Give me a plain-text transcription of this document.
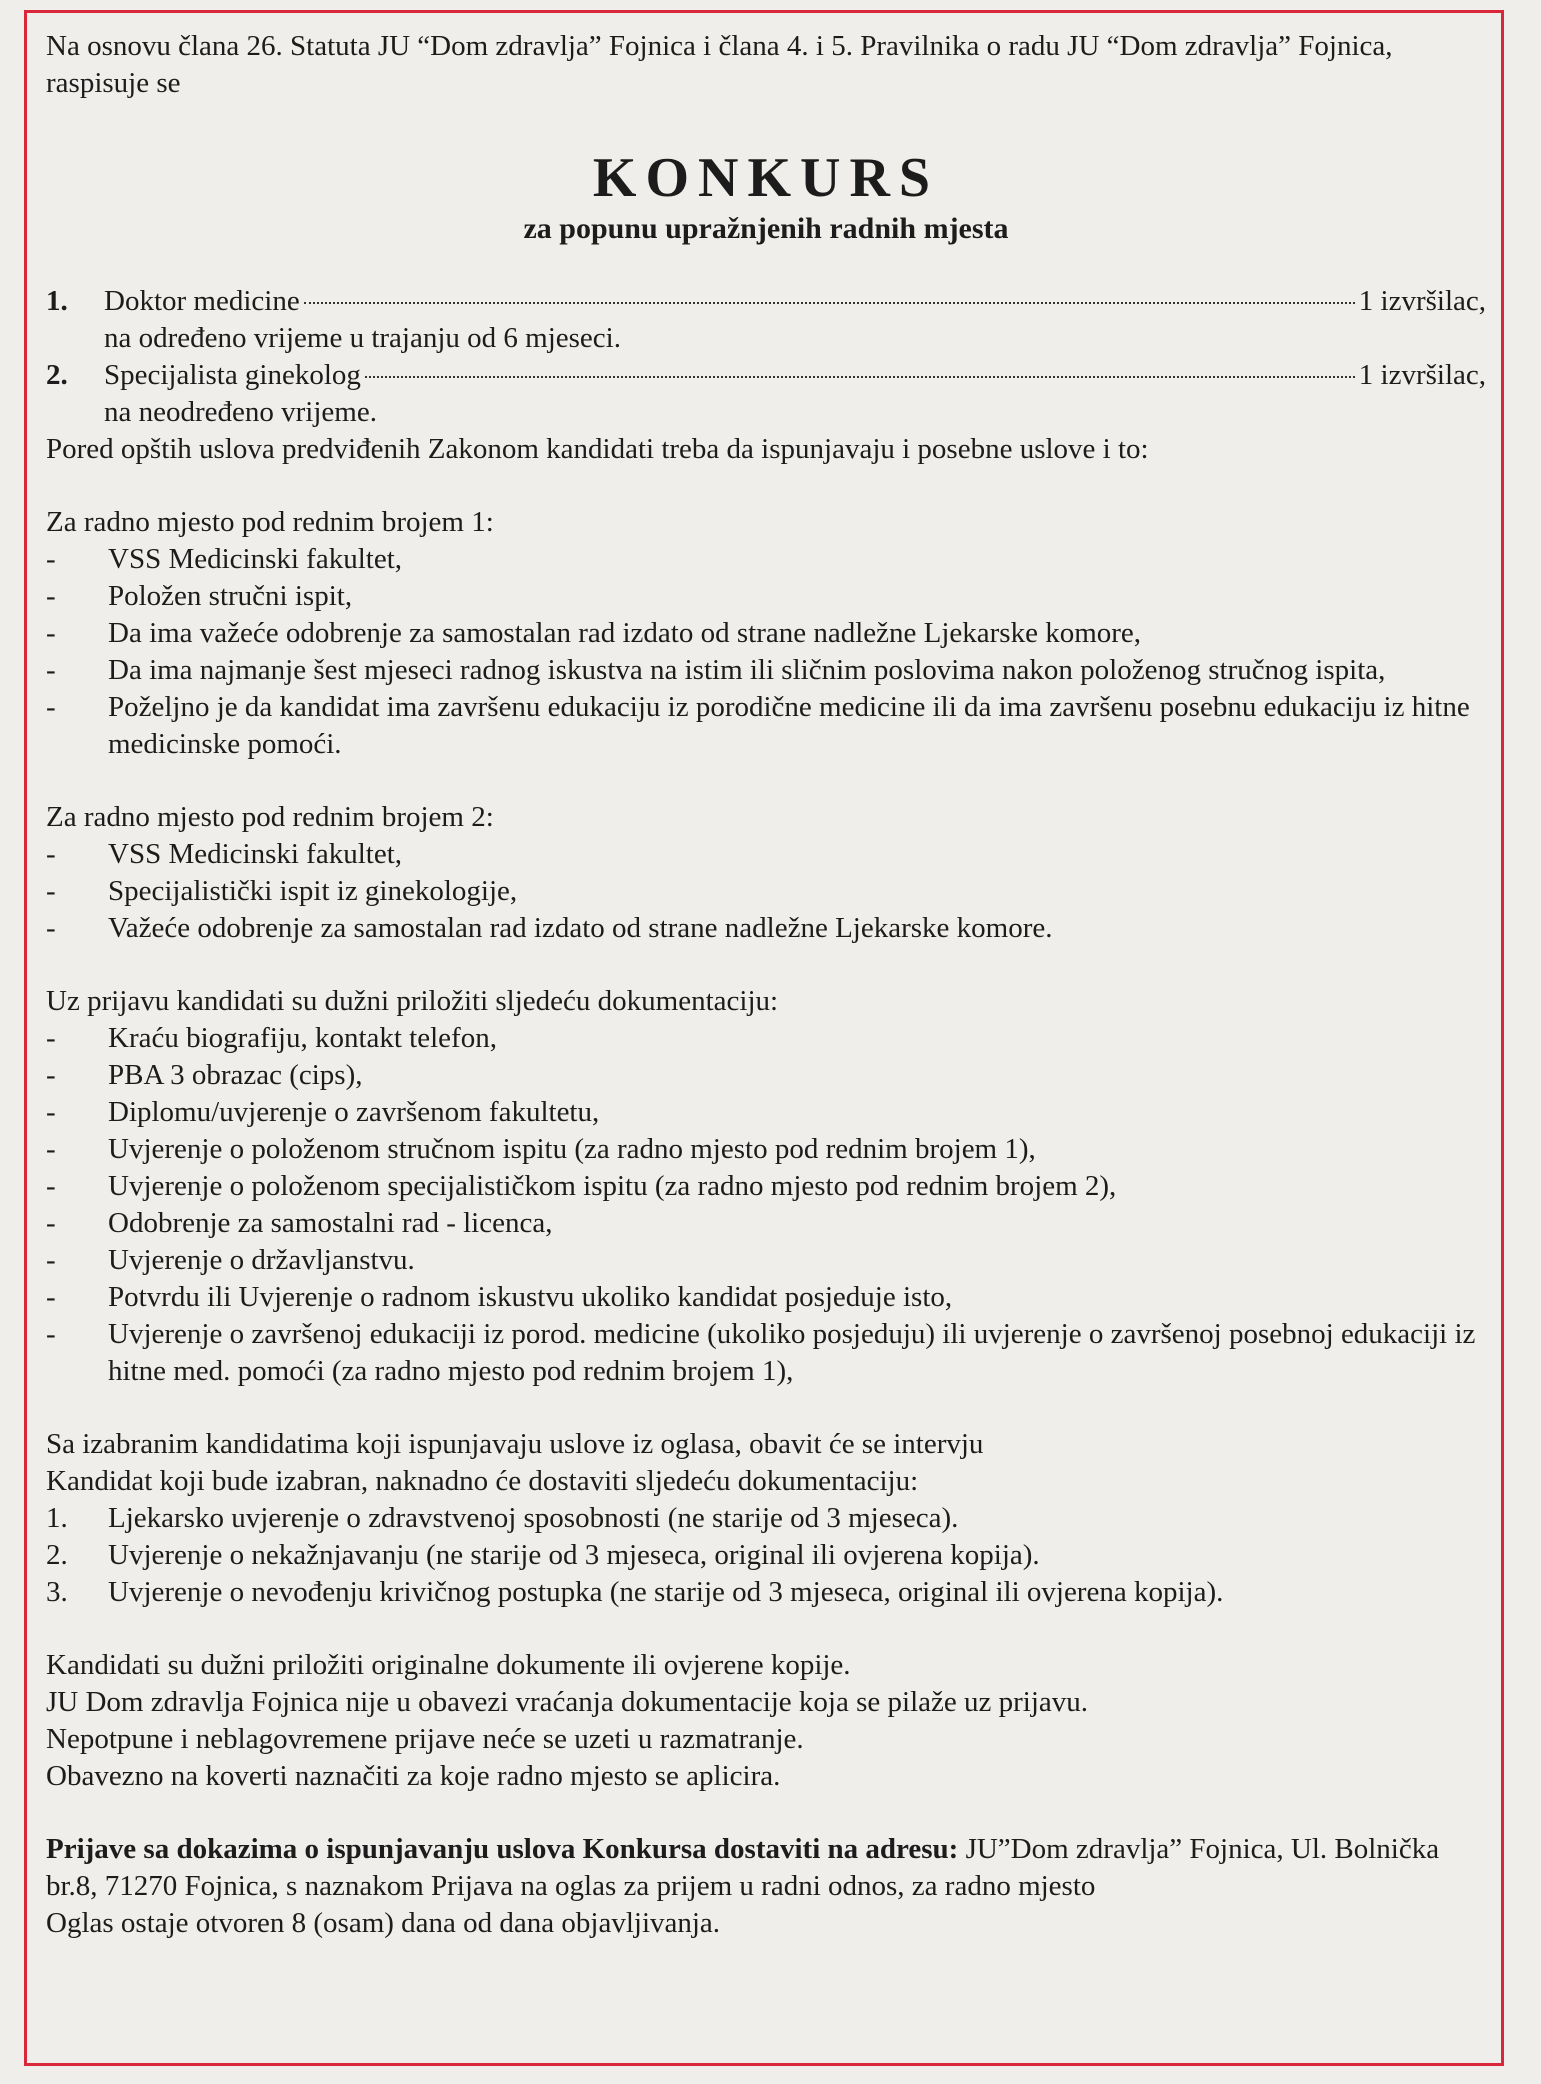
Na osnovu člana 26. Statuta JU “Dom zdravlja” Fojnica i člana 4. i 5. Pravilnika o radu JU “Dom zdravlja” Fojnica, raspisuje se

KONKURS
za popunu upražnjenih radnih mjesta
1.	Doktor medicine	1 izvršilac,
na određeno vrijeme u trajanju od 6 mjeseci.
2.	Specijalista ginekolog	1 izvršilac,
na neodređeno vrijeme.
Pored opštih uslova predviđenih Zakonom kandidati treba da ispunjavaju i posebne uslove i to:
Za radno mjesto pod rednim brojem 1:
-	VSS Medicinski fakultet,
-	Položen stručni ispit,
-	Da ima važeće odobrenje za samostalan rad izdato od strane nadležne Ljekarske komore,
-	Da ima najmanje šest mjeseci radnog iskustva na istim ili sličnim poslovima nakon položenog stručnog ispita,
-	Poželjno je da kandidat ima završenu edukaciju iz porodične medicine ili da ima završenu posebnu edukaciju iz hitne medicinske pomoći.
Za radno mjesto pod rednim brojem 2:
-	VSS Medicinski fakultet,
-	Specijalistički ispit iz ginekologije,
-	Važeće odobrenje za samostalan rad izdato od strane nadležne Ljekarske komore.
Uz prijavu kandidati su dužni priložiti sljedeću dokumentaciju:
-	Kraću biografiju, kontakt telefon,
-	PBA 3 obrazac (cips),
-	Diplomu/uvjerenje o završenom fakultetu,
-	Uvjerenje o položenom stručnom ispitu (za radno mjesto pod rednim brojem 1),
-	Uvjerenje o položenom specijalističkom ispitu (za radno mjesto pod rednim brojem 2),
-	Odobrenje za samostalni rad - licenca,
-	Uvjerenje o državljanstvu.
-	Potvrdu ili Uvjerenje o radnom iskustvu ukoliko kandidat posjeduje isto,
-	Uvjerenje o završenoj edukaciji iz porod. medicine (ukoliko posjeduju) ili uvjerenje o završenoj posebnoj edukaciji iz hitne med. pomoći (za radno mjesto pod rednim brojem 1),
Sa izabranim kandidatima koji ispunjavaju uslove iz oglasa, obavit će se intervju
Kandidat koji bude izabran, naknadno će dostaviti sljedeću dokumentaciju:
1.	Ljekarsko uvjerenje o zdravstvenoj sposobnosti (ne starije od 3 mjeseca).
2.	Uvjerenje o nekažnjavanju (ne starije od 3 mjeseca, original ili ovjerena kopija).
3.	Uvjerenje o nevođenju krivičnog postupka (ne starije od 3 mjeseca, original ili ovjerena kopija).

Kandidati su dužni priložiti originalne dokumente ili ovjerene kopije.

JU Dom zdravlja Fojnica nije u obavezi vraćanja dokumentacije koja se pilaže uz prijavu.

Nepotpune i neblagovremene prijave neće se uzeti u razmatranje.

Obavezno na koverti naznačiti za koje radno mjesto se aplicira.

Prijave sa dokazima o ispunjavanju uslova Konkursa dostaviti na adresu: JU”Dom zdravlja” Fojnica, Ul. Bolnička br.8, 71270 Fojnica, s naznakom Prijava na oglas za prijem u radni odnos, za radno mjesto

Oglas ostaje otvoren 8 (osam) dana od dana objavljivanja.
